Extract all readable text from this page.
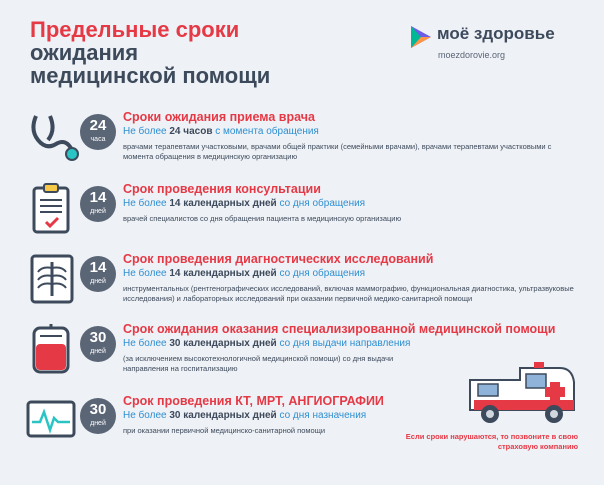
Предельные сроки
ожидания
медицинской помощи
моё здоровье
moezdorovie.org
24
часа
Сроки ожидания приема врача
Не более 24 часов с момента обращения
врачами терапевтами участковыми, врачами общей практики (семейными врачами), врачами терапевтами участковыми с момента обращения в медицинскую организацию
14
дней
Срок проведения консультации
Не более 14 календарных дней со дня обращения
врачей специалистов со дня обращения пациента в медицинскую организацию
14
дней
Срок проведения диагностических исследований
Не более 14 календарных дней со дня обращения
инструментальных (рентгенографических исследований, включая маммографию, функциональная диагностика, ультразвуковые исследования) и лабораторных исследований при оказании первичной медико-санитарной помощи
30
дней
Срок ожидания оказания специализированной медицинской помощи
Не более 30 календарных дней со дня выдачи направления
(за исключением высокотехнологичной медицинской помощи) со дня выдачи направления на госпитализацию
30
дней
Срок проведения КТ, МРТ, АНГИОГРАФИИ
Не более 30 календарных дней со дня назначения
при оказании первичной медицинско-санитарной помощи
Если сроки нарушаются, то позвоните в свою страховую компанию
